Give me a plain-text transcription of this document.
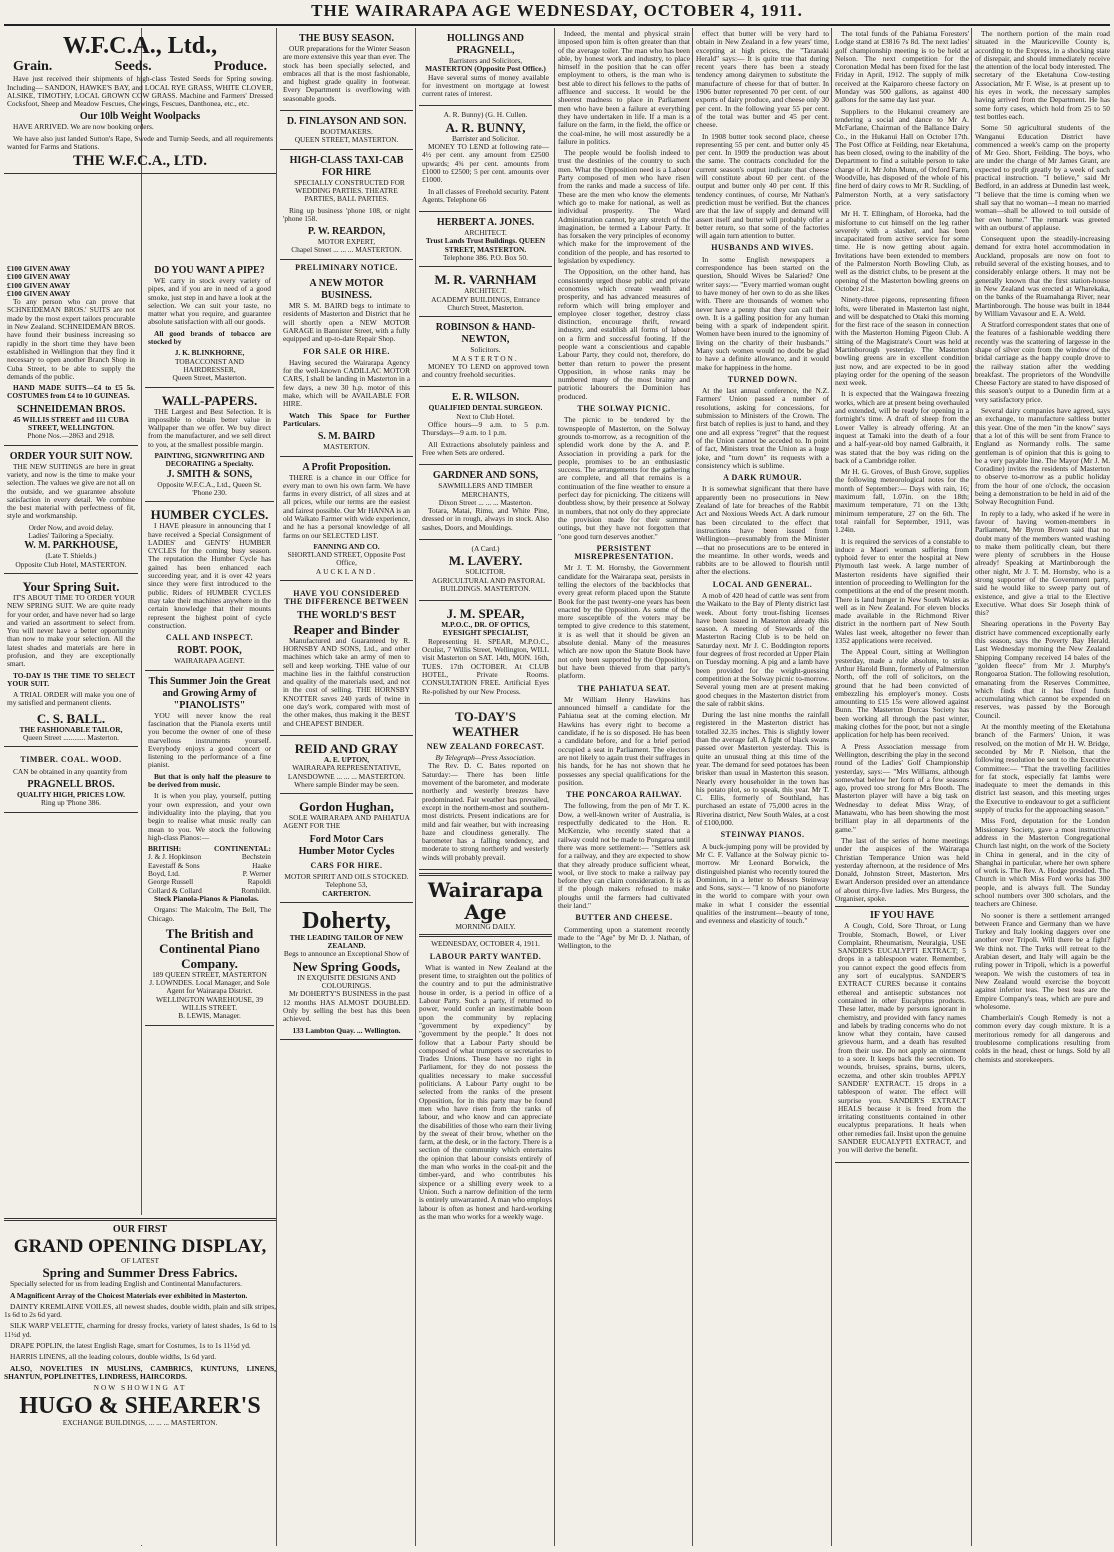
THE WAIRARAPA AGE WEDNESDAY, OCTOBER 4, 1911.
W.F.C.A., Ltd.,
Grain.	Seeds.	Produce.

Have just received their shipments of high-class Tested Seeds for Spring sowing. Including— SANDON, HAWKE'S BAY, and LOCAL RYE GRASS, WHITE CLOVER, ALSIKE, TIMOTHY, LOCAL GROWN COW GRASS. Machine and Farmers' Dressed Cocksfoot, Sheep and Meadow Fescues, Chewings, Fescues, Danthonea, etc., etc.

Our 10lb Weight Woolpacks

HAVE ARRIVED. We are now booking orders.

We have also just landed Sutton's Rape, Swede and Turnip Seeds, and all requirements wanted for Farms and Stations.

THE W.F.C.A., LTD.
£100 GIVEN AWAY
£100 GIVEN AWAY
£100 GIVEN AWAY
£100 GIVEN AWAY

To any person who can prove that SCHNEIDEMAN BROS.' SUITS are not made by the most expert tailors procurable in New Zealand. SCHNEIDEMAN BROS. have found their business increasing so rapidly in the short time they have been established in Wellington that they find it necessary to open another Branch Shop in Cuba Street, to be able to supply the demands of the public.

HAND MADE SUITS—£4 to £5 5s. COSTUMES from £4 to 10 GUINEAS.

SCHNEIDEMAN BROS.
45 WILLIS STREET and 111 CUBA STREET, WELLINGTON.
Phone Nos.—2863 and 2918.
ORDER YOUR SUIT NOW.

THE NEW SUITINGS are here in great variety, and now is the time to make your selection. The values we give are not all on the outside, and we guarantee absolute satisfaction in every detail. We combine the best material with perfectness of fit, style and workmanship.

Order Now, and avoid delay.
Ladies' Tailoring a Specialty.
W. M. PARKHOUSE,
(Late T. Shields.)
Opposite Club Hotel, MASTERTON.
Your Spring Suit.

IT'S ABOUT TIME TO ORDER YOUR NEW SPRING SUIT. We are quite ready for your order, and have never had so large and varied an assortment to select from. You will never have a better opportunity than now to make your selection. All the latest shades and materials are here in profusion, and they are exceptionally smart.

TO-DAY IS THE TIME TO SELECT YOUR SUIT.

A TRIAL ORDER will make you one of my satisfied and permanent clients.

C. S. BALL.
THE FASHIONABLE TAILOR,
Queen Street ............ Masterton.
TIMBER. COAL. WOOD.

CAN be obtained in any quantity from

PRAGNELL BROS.
QUALITY HIGH, PRICES LOW.
Ring up 'Phone 386.
OUR FIRST
GRAND OPENING DISPLAY,
OF LATEST
Spring and Summer Dress Fabrics.

Specially selected for us from leading English and Continental Manufacturers.

A Magnificent Array of the Choicest Materials ever exhibited in Masterton.

DAINTY KREMLAINE VOILES, all newest shades, double width, plain and silk stripes, 1s 6d to 2s 6d yard.

SILK WARP VELETTE, charming for dressy frocks, variety of latest shades, 1s 6d to 1s 11½d yd.

DRAPE POPLIN, the latest English Rage, smart for Costumes, 1s to 1s 11½d yd.

HARRIS LINENS, all the leading colours, double widths, 1s 6d yard.

ALSO, NOVELTIES IN MUSLINS, CAMBRICS, KUNTUNS, LINENS, SHANTUN, POPLINETTES, LINDRESS, HAIRCORDS.

NOW SHOWING AT
HUGO & SHEARER'S
EXCHANGE BUILDINGS, ... ... ... MASTERTON.
DO YOU WANT A PIPE?

WE carry in stock every variety of pipes, and if you are in need of a good smoke, just step in and have a look at the selection. We can suit your taste, no matter what you require, and guarantee absolute satisfaction with all our goods.

All good brands of tobacco are stocked by

J. K. BLINKHORNE,
TOBACCONIST AND HAIRDRESSER,
Queen Street, Masterton.
WALL-PAPERS.

THE Largest and Best Selection. It is impossible to obtain better value in Wallpaper than we offer. We buy direct from the manufacturer, and we sell direct to you, at the smallest possible margin.

PAINTING, SIGNWRITING AND DECORATING a Specialty.
J. SMITH & SONS,
Opposite W.F.C.A., Ltd., Queen St. 'Phone 230.
HUMBER CYCLES.

I HAVE pleasure in announcing that I have received a Special Consignment of LADIES' and GENTS' HUMBER CYCLES for the coming busy season. The reputation the Humber Cycle has gained has been enhanced each succeeding year, and it is over 42 years since they were first introduced to the public. Riders of HUMBER CYCLES may take their machines anywhere in the certain knowledge that their mounts represent the highest point of cycle construction.

CALL AND INSPECT.
ROBT. POOK,
WAIRARAPA AGENT.
This Summer Join the Great and Growing Army of "PIANOLISTS"

YOU will never know the real fascination that the Pianola exerts until you become the owner of one of these marvellous instruments yourself. Everybody enjoys a good concert or listening to the performance of a fine pianist.

But that is only half the pleasure to be derived from music.

It is when you play, yourself, putting your own expression, and your own individuality into the playing, that you begin to realise what music really can mean to you. We stock the following high-class Pianos:—

BRITISH:	CONTINENTAL:
J. & J. Hopkinson	Bechstein
Eavestaff & Sons	Haake
Boyd, Ltd.	P. Werner
George Russell	Rapoldi
Collard & Collard	Romhildt.

Steck Pianola-Pianos & Pianolas.

Organs: The Malcolm, The Bell, The Chicago.

The British and Continental Piano Company.
189 QUEEN STREET, MASTERTON
J. LOWNDES. Local Manager, and Sole Agent for Wairarapa District.
WELLINGTON WAREHOUSE, 39 WILLIS STREET.
B. LEWIS, Manager.
THE BUSY SEASON.

OUR preparations for the Winter Season are more extensive this year than ever. The stock has been specially selected, and embraces all that is the most fashionable, and highest grade quality in footwear. Every Department is overflowing with seasonable goods.

D. FINLAYSON AND SON.
BOOTMAKERS.
QUEEN STREET, MASTERTON.
HIGH-CLASS TAXI-CAB FOR HIRE

SPECIALLY CONSTRUCTED FOR WEDDING PARTIES. THEATRE PARTIES, BALL PARTIES.

Ring up business 'phone 108, or night 'phone 158.

P. W. REARDON,
MOTOR EXPERT,
Chapel Street ... ... ... MASTERTON.
PRELIMINARY NOTICE.
A NEW MOTOR BUSINESS.

MR S. M. BAIRD begs to intimate to residents of Masterton and District that he will shortly open a NEW MOTOR GARAGE in Bannister Street, with a fully equipped and up-to-date Repair Shop.

FOR SALE OR HIRE.

Having secured the Wairarapa Agency for the well-known CADILLAC MOTOR CARS, I shall be landing in Masterton in a few days, a new 30 h.p. motor of this make, which will be AVAILABLE FOR HIRE.

Watch This Space for Further Particulars.

S. M. BAIRD
MASTERTON.
A Profit Proposition.

THERE is a chance in our Office for every man to own his own farm. We have farms in every district, of all sizes and at all prices, while our terms are the easiest and fairest possible. Our Mr HANNA is an old Waikato Farmer with wide experience, and he has a personal knowledge of all farms on our SELECTED LIST.

FANNING AND CO.
SHORTLAND STREET, Opposite Post Office,
AUCKLAND.
HAVE YOU CONSIDERED THE DIFFERENCE BETWEEN
THE WORLD'S BEST
Reaper and Binder

Manufactured and Guaranteed by R. HORNSBY AND SONS, Ltd., and other machines which take an army of men to sell and keep working. THE value of our machine lies in the faithful construction and quality of the materials used, and not in the cost of selling. THE HORNSBY KNOTTER saves 240 yards of twine in one day's work, compared with most of the other makes, thus making it the BEST and CHEAPEST BINDER.

REID AND GRAY
A. E. UPTON,
WAIRARAPA REPRESENTATIVE, LANSDOWNE ... ... ... MASTERTON.
Where sample Binder may be seen.
Gordon Hughan,

SOLE WAIRARAPA AND PAHIATUA AGENT FOR THE

Ford Motor Cars
Humber Motor Cycles
CARS FOR HIRE.
MOTOR SPIRIT AND OILS STOCKED.
Telephone 53,
CARTERTON.
Doherty,
THE LEADING TAILOR OF NEW ZEALAND.
Begs to announce an Exceptional Show of
New Spring Goods,
IN EXQUISITE DESIGNS AND COLOURINGS.

Mr DOHERTY'S BUSINESS in the past 12 months HAS ALMOST DOUBLED. Only by selling the best has this been achieved.

133 Lambton Quay. ... Wellington.
HOLLINGS AND PRAGNELL,
Barristers and Solicitors,
MASTERTON (Opposite Post Office.)

Have several sums of money available for investment on mortgage at lowest current rates of interest.

A. R. Bunny) (G. H. Cullen.
A. R. BUNNY,
Barrister and Solicitor.

MONEY TO LEND at following rate—4½ per cent. any amount from £2500 upwards; 4¾ per cent. amounts from £1000 to £2500; 5 per cent. amounts over £1000.

In all classes of Freehold security. Patent Agents. Telephone 66

HERBERT A. JONES.
ARCHITECT.
Trust Lands Trust Buildings. QUEEN STREET, MASTERTON.
Telephone 386. P.O. Box 50.
M. R. VARNHAM
ARCHITECT.
ACADEMY BUILDINGS, Entrance Church Street, Masterton.
ROBINSON & HAND-NEWTON,
Solicitors.
MASTERTON.

MONEY TO LEND on approved town and country freehold securities.

E. R. WILSON.
QUALIFIED DENTAL SURGEON.
Next to Club Hotel.

Office hours—9 a.m. to 5 p.m. Thursdays—9 a.m. to 1 p.m.

All Extractions absolutely painless and Free when Sets are ordered.

GARDNER AND SONS,
SAWMILLERS AND TIMBER MERCHANTS,
Dixon Street ... ... ... Masterton.

Totara, Matai, Rimu, and White Pine, dressed or in rough, always in stock. Also sashes, Doors, and Mouldings.

(A Card.)
M. LAVERY.
SOLICITOR.

AGRICULTURAL AND PASTORAL BUILDINGS. MASTERTON.

J. M. SPEAR,
M.P.O.C., DR. OF OPTICS, EYESIGHT SPECIALIST,

Representing H. SPEAR, M.P.O.C., Oculist, 7 Willis Street, Wellington, WILL visit Masterton on SAT. 14th, MON. 16th, TUES. 17th OCTOBER. At CLUB HOTEL, Private Rooms. CONSULTATION FREE. Artificial Eyes Re-polished by our New Process.

TO-DAY'S WEATHER
NEW ZEALAND FORECAST.
By Telegraph—Press Association.

The Rev. D. C. Bates reported on Saturday:— There has been little movement of the barometer, and moderate northerly and westerly breezes have predominated. Fair weather has prevailed, except in the northern-most and southern-most districts. Present indications are for mild and fair weather, but with increasing haze and cloudiness generally. The barometer has a falling tendency, and moderate to strong northerly and westerly winds will probably prevail.

Wairarapa Age
MORNING DAILY.
WEDNESDAY, OCTOBER 4, 1911.
LABOUR PARTY WANTED.

What is wanted in New Zealand at the present time, to straighten out the politics of the country and to put the administrative house in order, is a period in office of a Labour Party. Such a party, if returned to power, would confer an inestimable boon upon the community by replacing "government by expediency" by "government by the people." It does not follow that a Labour Party should be composed of what trumpets or secretaries to Trades Unions. These have no right in Parliament, for they do not possess the qualities necessary to make successful politicians. A Labour Party ought to be selected from the ranks of the present Opposition, for in this party may be found men who have risen from the ranks of labour, and who know and can appreciate the disabilities of those who earn their living by the sweat of their brow, whether on the farm, at the desk, or in the factory. There is a section of the community which entertains the opinion that labour consists entirely of the man who works in the coal-pit and the timber-yard, and who contributes his sixpence or a shilling every week to a Union. Such a narrow definition of the term is entirely unwarranted. A man who employs labour is often as honest and hard-working as the man who works for a weekly wage.

Indeed, the mental and physical strain imposed upon him is often greater than that of the average toiler. The man who has been able, by honest work and industry, to place himself in the position that he can offer employment to others, is the man who is best able to direct his fellows to the paths of affluence and success. It would be the sheerest madness to place in Parliament men who have been a failure at everything they have undertaken in life. If a man is a failure on the farm, in the field, the office or the coal-mine, he will most assuredly be a failure in politics.

The people would be foolish indeed to trust the destinies of the country to such men. What the Opposition need is a Labour Party composed of men who have risen from the ranks and made a success of life. These are the men who know the elements which go to make for national, as well as individual prosperity. The Ward Administration cannot, by any stretch of the imagination, be termed a Labour Party. It has forsaken the very principles of economy which make for the improvement of the condition of the people, and has resorted to legislation by expediency.

The Opposition, on the other hand, has consistently urged those public and private economies which create wealth and prosperity, and has advanced measures of reform which will bring employer and employee closer together, destroy class distinction, encourage thrift, reward industry, and establish all forms of labour on a firm and successful footing. If the people want a conscientious and capable Labour Party, they could not, therefore, do better than return to power the present Opposition, in whose ranks may be numbered many of the most brainy and patriotic labourers the Dominion has produced.

THE SOLWAY PICNIC.

The picnic to be tendered by the townspeople of Masterton, on the Solway grounds to-morrow, as a recognition of the splendid work done by the A. and P. Association in providing a park for the people, promises to be an enthusiastic success. The arrangements for the gathering are complete, and all that remains is a continuation of the fine weather to ensure a perfect day for picnicking. The citizens will doubtless show, by their presence at Solway in numbers, that not only do they appreciate the provision made for their summer outings, but they have not forgotten that "one good turn deserves another."

PERSISTENT MISREPRESENTATION.

Mr J. T. M. Hornsby, the Government candidate for the Wairarapa seat, persists in telling the electors of the backblocks that every great reform placed upon the Statute Book for the past twenty-one years has been enacted by the Opposition. As some of the more susceptible of the voters may be tempted to give credence to this statement, it is as well that it should be given an absolute denial. Many of the measures which are now upon the Statute Book have not only been supported by the Opposition, but have been thieved from that party's platform.

THE PAHIATUA SEAT.

Mr William Henry Hawkins has announced himself a candidate for the Pahiatua seat at the coming election. Mr Hawkins has every right to become a candidate, if he is so disposed. He has been a candidate before, and for a brief period occupied a seat in Parliament. The electors are not likely to again trust their suffrages in his hands, for he has not shown that he possesses any special qualifications for the position.

THE PONCAROA RAILWAY.

The following, from the pen of Mr T. K. Dow, a well-known writer of Australia, is respectfully dedicated to the Hon. R. McKenzie, who recently stated that a railway could not be made to Pongaroa until there was more settlement:— "Settlers ask for a railway, and they are expected to show that they already produce sufficient wheat, wool, or live stock to make a railway pay before they can claim consideration. It is as if the plough makers refused to make ploughs until the farmers had cultivated their land."

BUTTER AND CHEESE.

Commenting upon a statement recently made to the "Age" by Mr D. J. Nathan, of Wellington, to the

effect that butter will be very hard to obtain in New Zealand in a few years' time, excepting at high prices, the "Taranaki Herald" says:— It is quite true that during recent years there has been a steady tendency among dairymen to substitute the manufacture of cheese for that of butter. In 1906 butter represented 70 per cent. of our exports of dairy produce, and cheese only 30 per cent. In the following year 55 per cent. of the total was butter and 45 per cent. cheese.

In 1908 butter took second place, cheese representing 55 per cent. and butter only 45 per cent. In 1909 the production was about the same. The contracts concluded for the current season's output indicate that cheese will constitute about 60 per cent. of the output and butter only 40 per cent. If this tendency continues, of course, Mr Nathan's prediction must be verified. But the chances are that the law of supply and demand will assert itself and butter will probably offer a better return, so that some of the factories will again turn attention to butter.

HUSBANDS AND WIVES.

In some English newspapers a correspondence has been started on the question, Should Wives be Salaried? One writer says:— "Every married woman ought to have money of her own to do as she likes with. There are thousands of women who never have a penny that they can call their own. It is a galling position for any human being with a spark of independent spirit. Women have been inured to the ignominy of living on the charity of their husbands." Many such women would no doubt be glad to have a definite allowance, and it would make for happiness in the home.

TURNED DOWN.

At the last annual conference, the N.Z. Farmers' Union passed a number of resolutions, asking for concessions, for submission to Ministers of the Crown. The first batch of replies is just to hand, and they one and all express "regret" that the request of the Union cannot be acceded to. In point of fact, Ministers treat the Union as a huge joke, and "turn down" its requests with a consistency which is sublime.

A DARK RUMOUR.

It is somewhat significant that there have apparently been no prosecutions in New Zealand of late for breaches of the Rabbit Act and Noxious Weeds Act. A dark rumour has been circulated to the effect that instructions have been issued from Wellington—presumably from the Minister—that no prosecutions are to be entered in the meantime. In other words, weeds and rabbits are to be allowed to flourish until after the elections.

LOCAL AND GENERAL.

A mob of 420 head of cattle was sent from the Waikato to the Bay of Plenty district last week. About forty trout-fishing licenses have been issued in Masterton already this season. A meeting of Stewards of the Masterton Racing Club is to be held on Saturday next. Mr J. C. Boddington reports four degrees of frost recorded at Upper Plain on Tuesday morning. A pig and a lamb have been provided for the weight-guessing competition at the Solway picnic to-morrow. Several young men are at present making good cheques in the Masterton district from the sale of rabbit skins.

During the last nine months the rainfall registered in the Masterton district has totalled 32.35 inches. This is slightly lower than the average fall. A fight of black swans passed over Masterton yesterday. This is quite an unusual thing at this time of the year. The demand for seed potatoes has been brisker than usual in Masterton this season. Nearly every householder in the town has his potato plot, so to speak, this year. Mr T. C. Ellis, formerly of Southland, has purchased an estate of 75,000 acres in the Riverina district, New South Wales, at a cost of £100,000.

STEINWAY PIANOS.

A buck-jumping pony will be provided by Mr C. F. Vallance at the Solway picnic to-morrow. Mr Leonard Borwick, the distinguished pianist who recently toured the Dominion, in a letter to Messrs Steinway and Sons, says:— "I know of no pianoforte in the world to compare with your own make in what I consider the essential qualities of the instrument—beauty of tone, and evenness and elasticity of touch."

The total funds of the Pahiatua Foresters' Lodge stand at £3816 7s 8d. The next ladies' golf championship meeting is to be held at Nelson. The next competition for the Coronation Medal has been fixed for the last Friday in April, 1912. The supply of milk received at the Kaiparoro cheese factory on Monday was 500 gallons, as against 400 gallons for the same day last year.

Suppliers to the Hukanui creamery are tendering a social and dance to Mr A. McFarlane, Chairman of the Ballance Dairy Co., in the Hukanui Hall on October 17th. The Post Office at Feilding, near Eketahuna, has been closed, owing to the inability of the Department to find a suitable person to take charge of it. Mr John Munn, of Oxford Farm, Woodville, has disposed of the whole of his fine herd of dairy cows to Mr R. Suckling, of Palmerston North, at a very satisfactory price.

Mr H. T. Ellingham, of Horoeka, had the misfortune to cut himself on the leg rather severely with a slasher, and has been incapacitated from active service for some time. He is now getting about again. Invitations have been extended to members of the Palmerston North Bowling Club, as well as the district clubs, to be present at the opening of the Masterton bowling greens on October 21st.

Ninety-three pigeons, representing fifteen lofts, were liberated in Masterton last night, and will be despatched to Otaki this morning for the first race of the season in connection with the Masterton Homing Pigeon Club. A sitting of the Magistrate's Court was held at Martinborough yesterday. The Masterton bowling greens are in excellent condition just now, and are expected to be in good playing order for the opening of the season next week.

It is expected that the Waingawa freezing works, which are at present being overhauled and extended, will be ready for opening in a fortnight's time. A draft of sheep from the Lower Valley is already offering. At an inquest at Tamaki into the death of a four and a half-year-old boy named Galbraith, it was stated that the boy was riding on the back of a Cambridge roller.

Mr H. G. Groves, of Bush Grove, supplies the following meteorological notes for the month of September:— Days with rain, 16; maximum fall, 1.07in. on the 18th; maximum temperature, 71 on the 13th; minimum temperature, 27 on the 6th. The total rainfall for September, 1911, was 1.24in.

It is required the services of a constable to induce a Maori woman suffering from typhoid fever to enter the hospital at New Plymouth last week. A large number of Masterton residents have signified their intention of proceeding to Wellington for the competitions at the end of the present month. There is land hunger in New South Wales as well as in New Zealand. For eleven blocks made available in the Richmond River district in the northern part of New South Wales last week, altogether no fewer than 1352 applications were received.

The Appeal Court, sitting at Wellington yesterday, made a rule absolute, to strike Arthur Harold Bunn, formerly of Palmerston North, off the roll of solicitors, on the ground that he had been convicted of embezzling his employer's money. Costs amounting to £15 15s were allowed against Bunn. The Masterton Dorcas Society has been working all through the past winter, making clothes for the poor, but not a single application for help has been received.

A Press Association message from Wellington, describing the play in the second round of the Ladies' Golf Championship yesterday, says:— "Mrs Williams, although somewhat below her form of a few seasons ago, proved too strong for Mrs Booth. The Masterton player will have a big task on Wednesday to defeat Miss Wray, of Manawatu, who has been showing the most brilliant play in all departments of the game."

The last of the series of home meetings under the auspices of the Wairarapa Christian Temperance Union was held yesterday afternoon, at the residence of Mrs Donald, Johnston Street, Masterton. Mrs Ewart Anderson presided over an attendance of about thirty-five ladies. Mrs Burgess, the Organiser, spoke.

IF YOU HAVE

A Cough, Cold, Sore Throat, or Lung Trouble, Stomach, Bowel, or Liver Complaint, Rheumatism, Neuralgia, USE SANDER'S EUCALYPTI EXTRACT; 5 drops in a tablespoon water. Remember, you cannot expect the good effects from any sort of eucalyptus. SANDER'S EXTRACT CURES because it contains ethereal and antiseptic substances not contained in other Eucalyptus products. These latter, made by persons ignorant in chemistry, and provided with fancy names and labels by trading concerns who do not know what they contain, have caused grievous harm, and a death has resulted from their use. Do not apply an ointment to a sore. It keeps back the secretion. To wounds, bruises, sprains, burns, ulcers, eczema, and other skin troubles APPLY SANDER' EXTRACT. 15 drops in a tablespoon of water. The effect will surprise you. SANDER'S EXTRACT HEALS because it is freed from the irritating constituents contained in other eucalyptus preparations. It heals when other remedies fail. Insist upon the genuine SANDER EUCALYPTI EXTRACT, and you will derive the benefit.

The northern portion of the main road situated in the Mauriceville County is, according to the Express, in a shocking state of disrepair, and should immediately receive the attention of the local body interested. The secretary of the Eketahuna Cow-testing Association, Mr F. Wise, is at present up to his eyes in work, the necessary samples having arrived from the Department. He has some forty cases, which hold from 25 to 50 test bottles each.

Some 50 agricultural students of the Wanganui Education District have commenced a week's camp on the property of Mr Geo. Short, Feilding. The boys, who are under the charge of Mr James Grant, are expected to profit greatly by a week of such practical instruction. "I believe," said Mr Bedford, in an address at Dunedin last week, "I believe that the time is coming when we shall say that no woman—I mean no married woman—shall be allowed to toil outside of her own home." The remark was greeted with an outburst of applause.

Consequent upon the steadily-increasing demand for extra hotel accommodation in Auckland, proposals are now on foot to rebuild several of the existing houses, and to considerably enlarge others. It may not be generally known that the first station-house in New Zealand was erected at Wharekaka, on the banks of the Ruamahanga River, near Martinborough. The house was built in 1844 by William Vavasour and E. A. Weld.

A Stratford correspondent states that one of the features of a fashionable wedding there recently was the scattering of largesse in the shape of silver coin from the window of the bridal carriage as the happy couple drove to the railway station after the wedding breakfast. The proprietors of the Wondville Cheese Factory are stated to have disposed of this season's output to a Dunedin firm at a very satisfactory price.

Several dairy companies have agreed, says an exchange, to manufacture saltless butter this year. One of the men "in the know" says that a lot of this will be sent from France to England as Normandy rolls. The same gentleman is of opinion that this is going to be a very payable line. The Mayor (Mr J. M. Coradine) invites the residents of Masterton to observe to-morrow as a public holiday from the hour of one o'clock, the occasion being a demonstration to be held in aid of the Solway Recognition Fund.

In reply to a lady, who asked if he were in favour of having women-members in Parliament, Mr Byron Brown said that no doubt many of the members wanted washing to make them politically clean, but there were plenty of scrubbers in the House already! Speaking at Martinborough the other night, Mr J. T. M. Hornsby, who is a strong supporter of the Government party, said he would like to sweep party out of existence, and give a trial to the Elective Executive. What does Sir Joseph think of this?

Shearing operations in the Poverty Bay district have commenced exceptionally early this season, says the Poverty Bay Herald. Last Wednesday morning the New Zealand Shipping Company received 14 bales of the "golden fleece" from Mr J. Murphy's Rongoaroa Station. The following resolution, emanating from the Reserves Committee, which finds that it has fixed funds accumulating which cannot be expended on reserves, was passed by the Borough Council.

At the monthly meeting of the Eketahuna branch of the Farmers' Union, it was resolved, on the motion of Mr H. W. Bridge, seconded by Mr P. Nielson, that the following resolution be sent to the Executive Committee:— "That the travelling facilities for fat stock, especially fat lambs were inadequate to meet the demands in this district last season, and this meeting urges the Executive to endeavour to get a sufficient supply of trucks for the approaching season."

Miss Ford, deputation for the London Missionary Society, gave a most instructive address in the Masterton Congregational Church last night, on the work of the Society in China in general, and in the city of Shanghai in particular, where her own sphere of work is. The Rev. A. Hodge presided. The Church in which Miss Ford works has 300 people, and is always full. The Sunday school numbers over 300 scholars, and the teachers are Chinese.

No sooner is there a settlement arranged between France and Germany than we have Turkey and Italy looking daggers over one another over Tripoli. Will there be a fight? We think not. The Turks will retreat to the Arabian desert, and Italy will again be the ruling power in Tripoli, which is a powerful weapon. We wish the customers of tea in New Zealand would exercise the boycott against inferior teas. The best teas are the Empire Company's teas, which are pure and wholesome.

Chamberlain's Cough Remedy is not a common every day cough mixture. It is a meritorious remedy for all dangerous and troublesome complications resulting from colds in the head, chest or lungs. Sold by all chemists and storekeepers.
